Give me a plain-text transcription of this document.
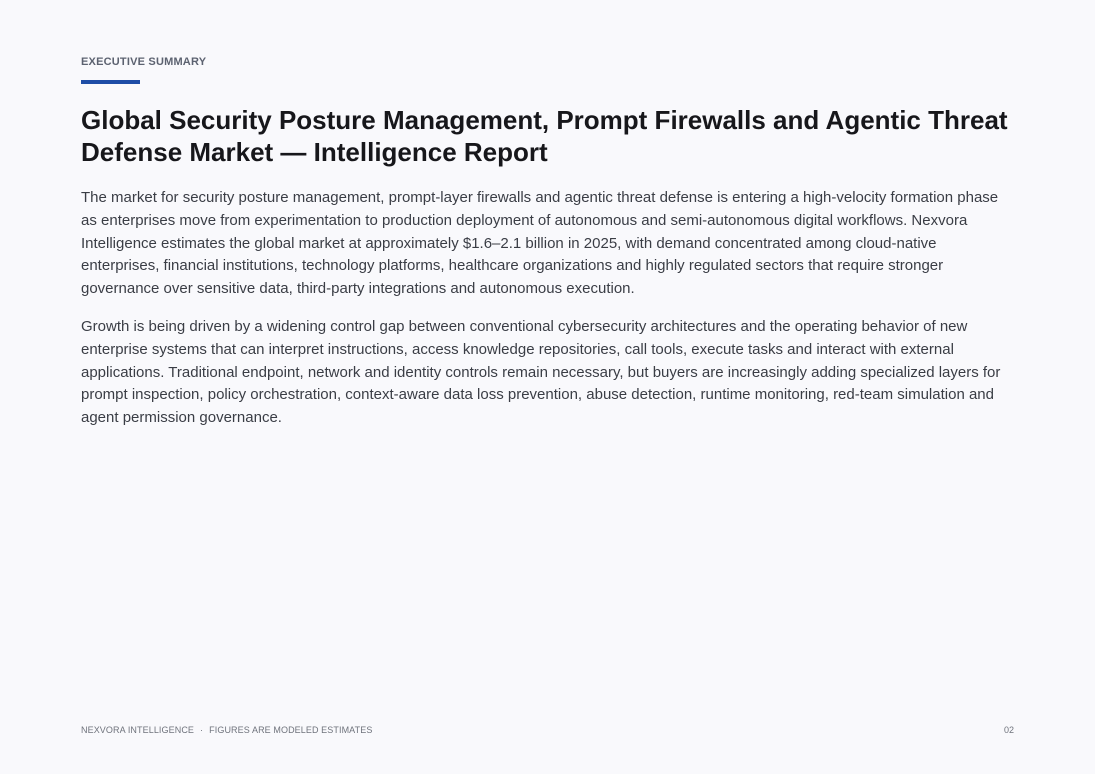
EXECUTIVE SUMMARY
Global Security Posture Management, Prompt Firewalls and Agentic Threat Defense Market — Intelligence Report

The market for security posture management, prompt-layer firewalls and agentic threat defense is entering a high-velocity formation phase as enterprises move from experimentation to production deployment of autonomous and semi-autonomous digital workflows. Nexvora Intelligence estimates the global market at approximately $1.6–2.1 billion in 2025, with demand concentrated among cloud-native enterprises, financial institutions, technology platforms, healthcare organizations and highly regulated sectors that require stronger governance over sensitive data, third-party integrations and autonomous execution.

Growth is being driven by a widening control gap between conventional cybersecurity architectures and the operating behavior of new enterprise systems that can interpret instructions, access knowledge repositories, call tools, execute tasks and interact with external applications. Traditional endpoint, network and identity controls remain necessary, but buyers are increasingly adding specialized layers for prompt inspection, policy orchestration, context-aware data loss prevention, abuse detection, runtime monitoring, red-team simulation and agent permission governance.

NEXVORA INTELLIGENCE · FIGURES ARE MODELED ESTIMATES	02
